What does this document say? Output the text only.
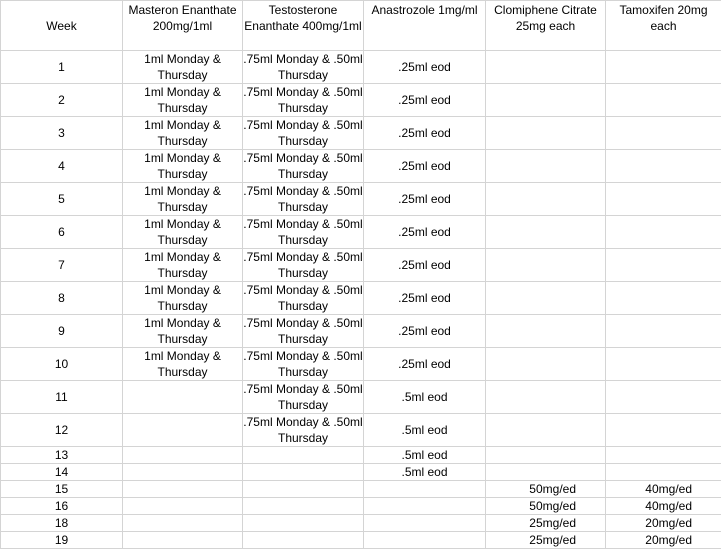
Week	Masteron Enanthate 200mg/1ml	Testosterone Enanthate 400mg/1ml	Anastrozole 1mg/ml	Clomiphene Citrate 25mg each	Tamoxifen 20mg each
1	1ml Monday & Thursday	.75ml Monday & .50ml Thursday	.25ml eod		
2	1ml Monday & Thursday	.75ml Monday & .50ml Thursday	.25ml eod		
3	1ml Monday & Thursday	.75ml Monday & .50ml Thursday	.25ml eod		
4	1ml Monday & Thursday	.75ml Monday & .50ml Thursday	.25ml eod		
5	1ml Monday & Thursday	.75ml Monday & .50ml Thursday	.25ml eod		
6	1ml Monday & Thursday	.75ml Monday & .50ml Thursday	.25ml eod		
7	1ml Monday & Thursday	.75ml Monday & .50ml Thursday	.25ml eod		
8	1ml Monday & Thursday	.75ml Monday & .50ml Thursday	.25ml eod		
9	1ml Monday & Thursday	.75ml Monday & .50ml Thursday	.25ml eod		
10	1ml Monday & Thursday	.75ml Monday & .50ml Thursday	.25ml eod		
11		.75ml Monday & .50ml Thursday	.5ml eod		
12		.75ml Monday & .50ml Thursday	.5ml eod		
13			.5ml eod		
14			.5ml eod		
15				50mg/ed	40mg/ed
16				50mg/ed	40mg/ed
18				25mg/ed	20mg/ed
19				25mg/ed	20mg/ed
